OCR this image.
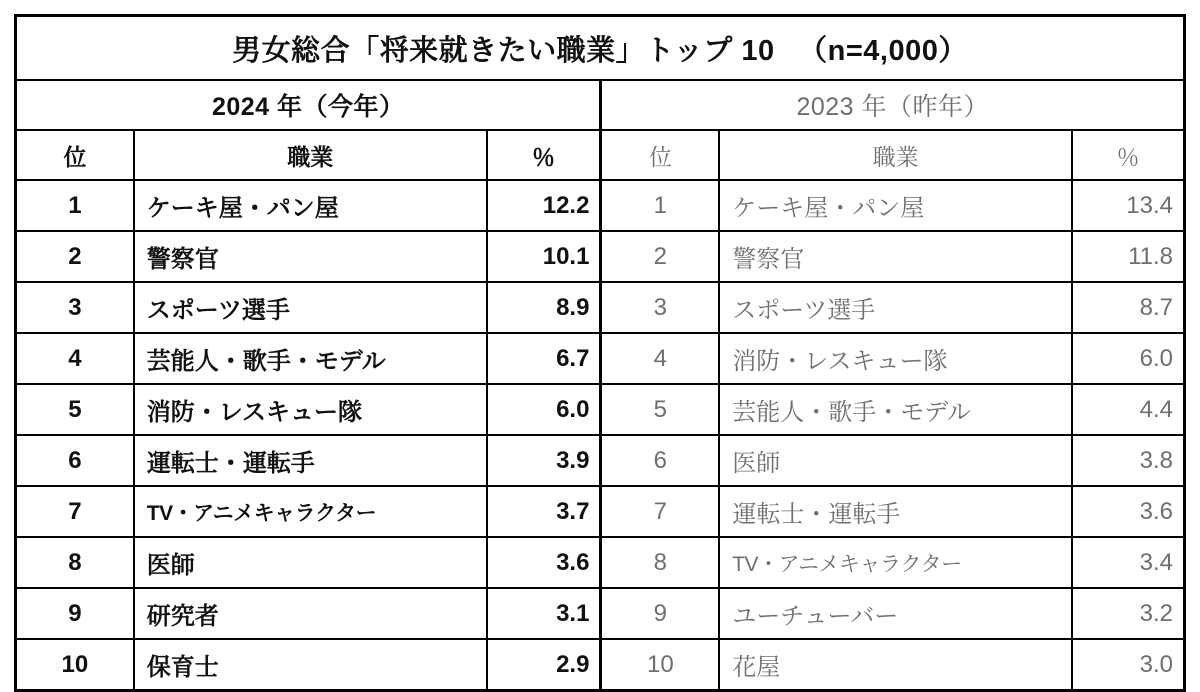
男女総合「将来就きたい職業」トップ 10 　（n=4,000）					
2024 年（今年）			2023 年（昨年）		
位	職業	％	位	職業	％
1	ケーキ屋・パン屋	12.2	1	ケーキ屋・パン屋	13.4
2	警察官	10.1	2	警察官	11.8
3	スポーツ選手	8.9	3	スポーツ選手	8.7
4	芸能人・歌手・モデル	6.7	4	消防・レスキュー隊	6.0
5	消防・レスキュー隊	6.0	5	芸能人・歌手・モデル	4.4
6	運転士・運転手	3.9	6	医師	3.8
7	TV・アニメキャラクター	3.7	7	運転士・運転手	3.6
8	医師	3.6	8	TV・アニメキャラクター	3.4
9	研究者	3.1	9	ユーチューバー	3.2
10	保育士	2.9	10	花屋	3.0
